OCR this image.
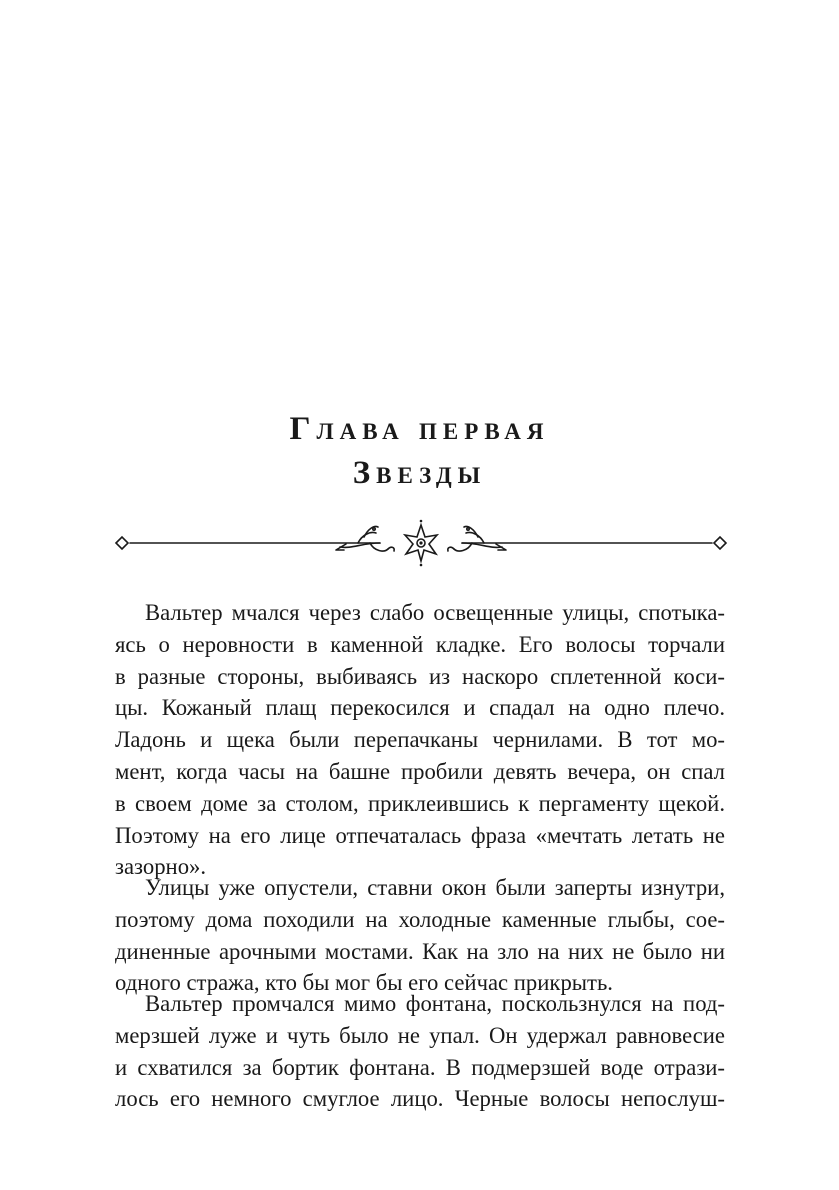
Глава первая
Звезды

Вальтер мчался через слабо освещенные улицы, спотыка-
ясь о неровности в каменной кладке. Его волосы торчали
в разные стороны, выбиваясь из наскоро сплетенной коси-
цы. Кожаный плащ перекосился и спадал на одно плечо.
Ладонь и щека были перепачканы чернилами. В тот мо-
мент, когда часы на башне пробили девять вечера, он спал
в своем доме за столом, приклеившись к пергаменту щекой.
Поэтому на его лице отпечаталась фраза «мечтать летать не
зазорно».

Улицы уже опустели, ставни окон были заперты изнутри,
поэтому дома походили на холодные каменные глыбы, сое-
диненные арочными мостами. Как на зло на них не было ни
одного стража, кто бы мог бы его сейчас прикрыть.

Вальтер промчался мимо фонтана, поскользнулся на под-
мерзшей луже и чуть было не упал. Он удержал равновесие
и схватился за бортик фонтана. В подмерзшей воде отрази-
лось его немного смуглое лицо. Черные волосы непослуш-
